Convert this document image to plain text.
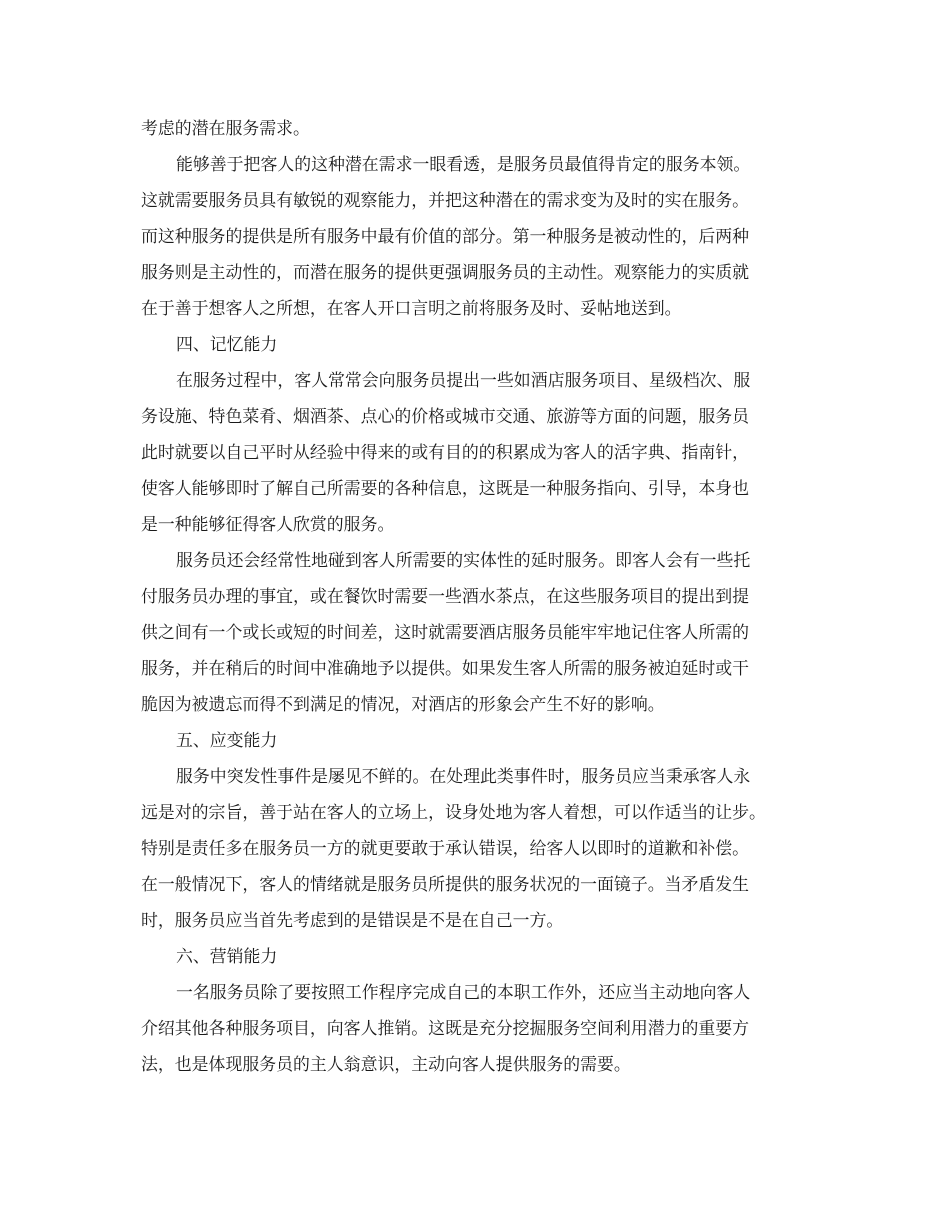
考虑的潜在服务需求。
能够善于把客人的这种潜在需求一眼看透，是服务员最值得肯定的服务本领。
这就需要服务员具有敏锐的观察能力，并把这种潜在的需求变为及时的实在服务。
而这种服务的提供是所有服务中最有价值的部分。第一种服务是被动性的，后两种
服务则是主动性的，而潜在服务的提供更强调服务员的主动性。观察能力的实质就
在于善于想客人之所想，在客人开口言明之前将服务及时、妥帖地送到。
四、记忆能力
在服务过程中，客人常常会向服务员提出一些如酒店服务项目、星级档次、服
务设施、特色菜肴、烟酒茶、点心的价格或城市交通、旅游等方面的问题，服务员
此时就要以自己平时从经验中得来的或有目的的积累成为客人的活字典、指南针，
使客人能够即时了解自己所需要的各种信息，这既是一种服务指向、引导，本身也
是一种能够征得客人欣赏的服务。
服务员还会经常性地碰到客人所需要的实体性的延时服务。即客人会有一些托
付服务员办理的事宜，或在餐饮时需要一些酒水茶点，在这些服务项目的提出到提
供之间有一个或长或短的时间差，这时就需要酒店服务员能牢牢地记住客人所需的
服务，并在稍后的时间中准确地予以提供。如果发生客人所需的服务被迫延时或干
脆因为被遗忘而得不到满足的情况，对酒店的形象会产生不好的影响。
五、应变能力
服务中突发性事件是屡见不鲜的。在处理此类事件时，服务员应当秉承客人永
远是对的宗旨，善于站在客人的立场上，设身处地为客人着想，可以作适当的让步。
特别是责任多在服务员一方的就更要敢于承认错误，给客人以即时的道歉和补偿。
在一般情况下，客人的情绪就是服务员所提供的服务状况的一面镜子。当矛盾发生
时，服务员应当首先考虑到的是错误是不是在自己一方。
六、营销能力
一名服务员除了要按照工作程序完成自己的本职工作外，还应当主动地向客人
介绍其他各种服务项目，向客人推销。这既是充分挖掘服务空间利用潜力的重要方
法，也是体现服务员的主人翁意识，主动向客人提供服务的需要。
